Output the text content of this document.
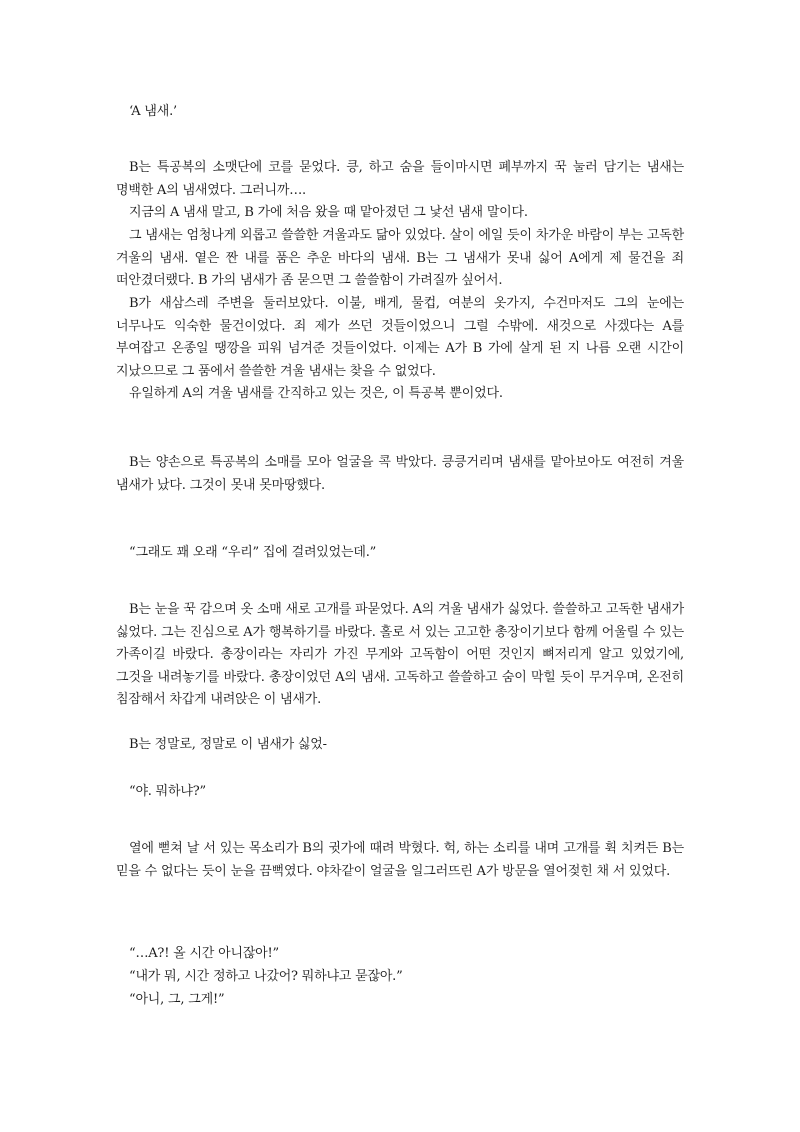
‘A 냄새.’

B는 특공복의 소맷단에 코를 묻었다. 킁, 하고 숨을 들이마시면 폐부까지 꾹 눌러 담기는 냄새는 명백한 A의 냄새였다. 그러니까….

지금의 A 냄새 말고, B 가에 처음 왔을 때 맡아졌던 그 낯선 냄새 말이다.

그 냄새는 엄청나게 외롭고 쓸쓸한 겨울과도 닮아 있었다. 살이 에일 듯이 차가운 바람이 부는 고독한 겨울의 냄새. 옅은 짠 내를 품은 추운 바다의 냄새. B는 그 냄새가 못내 싫어 A에게 제 물건을 죄 떠안겼더랬다. B 가의 냄새가 좀 묻으면 그 쓸쓸함이 가려질까 싶어서.

B가 새삼스레 주변을 둘러보았다. 이불, 배게, 물컵, 여분의 옷가지, 수건마저도 그의 눈에는 너무나도 익숙한 물건이었다. 죄 제가 쓰던 것들이었으니 그럴 수밖에. 새것으로 사겠다는 A를 부여잡고 온종일 땡깡을 피워 넘겨준 것들이었다. 이제는 A가 B 가에 살게 된 지 나름 오랜 시간이 지났으므로 그 품에서 쓸쓸한 겨울 냄새는 찾을 수 없었다.

유일하게 A의 겨울 냄새를 간직하고 있는 것은, 이 특공복 뿐이었다.

B는 양손으로 특공복의 소매를 모아 얼굴을 콕 박았다. 킁킁거리며 냄새를 맡아보아도 여전히 겨울 냄새가 났다. 그것이 못내 못마땅했다.

“그래도 꽤 오래 “우리” 집에 걸려있었는데.”

B는 눈을 꾹 감으며 옷 소매 새로 고개를 파묻었다. A의 겨울 냄새가 싫었다. 쓸쓸하고 고독한 냄새가 싫었다. 그는 진심으로 A가 행복하기를 바랐다. 홀로 서 있는 고고한 총장이기보다 함께 어울릴 수 있는 가족이길 바랐다. 총장이라는 자리가 가진 무게와 고독함이 어떤 것인지 뼈저리게 알고 있었기에, 그것을 내려놓기를 바랐다. 총장이었던 A의 냄새. 고독하고 쓸쓸하고 숨이 막힐 듯이 무거우며, 온전히 침잠해서 차갑게 내려앉은 이 냄새가.

B는 정말로, 정말로 이 냄새가 싫었-

“야. 뭐하냐?”

열에 뻗쳐 날 서 있는 목소리가 B의 귓가에 때려 박혔다. 헉, 하는 소리를 내며 고개를 휙 치켜든 B는 믿을 수 없다는 듯이 눈을 끔뻑였다. 야차같이 얼굴을 일그러뜨린 A가 방문을 열어젖힌 채 서 있었다.

“…A?! 올 시간 아니잖아!”

“내가 뭐, 시간 정하고 나갔어? 뭐하냐고 묻잖아.”

“아니, 그, 그게!”
